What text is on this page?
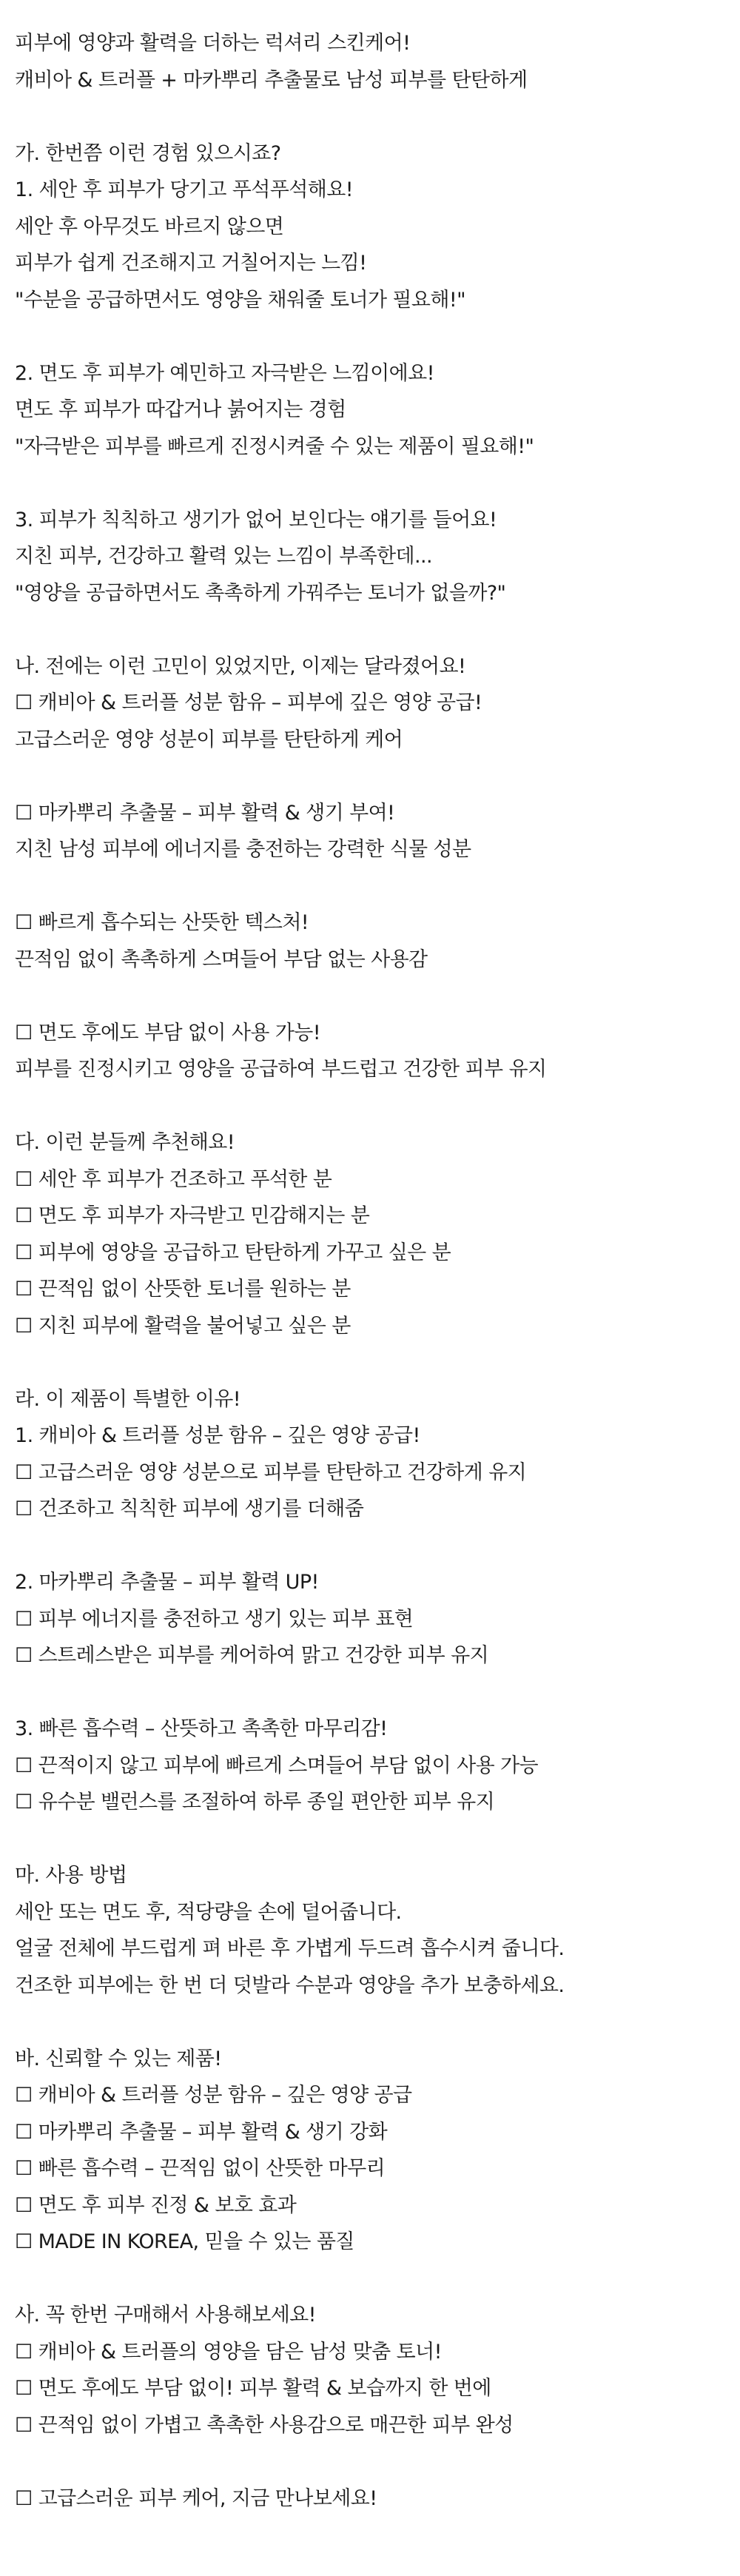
피부에 영양과 활력을 더하는 럭셔리 스킨케어!
캐비아 & 트러플 + 마카뿌리 추출물로 남성 피부를 탄탄하게
가. 한번쯤 이런 경험 있으시죠?
1. 세안 후 피부가 당기고 푸석푸석해요!
세안 후 아무것도 바르지 않으면
피부가 쉽게 건조해지고 거칠어지는 느낌!
"수분을 공급하면서도 영양을 채워줄 토너가 필요해!"
2. 면도 후 피부가 예민하고 자극받은 느낌이에요!
면도 후 피부가 따갑거나 붉어지는 경험
"자극받은 피부를 빠르게 진정시켜줄 수 있는 제품이 필요해!"
3. 피부가 칙칙하고 생기가 없어 보인다는 얘기를 들어요!
지친 피부, 건강하고 활력 있는 느낌이 부족한데...
"영양을 공급하면서도 촉촉하게 가꿔주는 토너가 없을까?"
나. 전에는 이런 고민이 있었지만, 이제는 달라졌어요!
☐ 캐비아 & 트러플 성분 함유 – 피부에 깊은 영양 공급!
고급스러운 영양 성분이 피부를 탄탄하게 케어
☐ 마카뿌리 추출물 – 피부 활력 & 생기 부여!
지친 남성 피부에 에너지를 충전하는 강력한 식물 성분
☐ 빠르게 흡수되는 산뜻한 텍스처!
끈적임 없이 촉촉하게 스며들어 부담 없는 사용감
☐ 면도 후에도 부담 없이 사용 가능!
피부를 진정시키고 영양을 공급하여 부드럽고 건강한 피부 유지
다. 이런 분들께 추천해요!
☐ 세안 후 피부가 건조하고 푸석한 분
☐ 면도 후 피부가 자극받고 민감해지는 분
☐ 피부에 영양을 공급하고 탄탄하게 가꾸고 싶은 분
☐ 끈적임 없이 산뜻한 토너를 원하는 분
☐ 지친 피부에 활력을 불어넣고 싶은 분
라. 이 제품이 특별한 이유!
1. 캐비아 & 트러플 성분 함유 – 깊은 영양 공급!
☐ 고급스러운 영양 성분으로 피부를 탄탄하고 건강하게 유지
☐ 건조하고 칙칙한 피부에 생기를 더해줌
2. 마카뿌리 추출물 – 피부 활력 UP!
☐ 피부 에너지를 충전하고 생기 있는 피부 표현
☐ 스트레스받은 피부를 케어하여 맑고 건강한 피부 유지
3. 빠른 흡수력 – 산뜻하고 촉촉한 마무리감!
☐ 끈적이지 않고 피부에 빠르게 스며들어 부담 없이 사용 가능
☐ 유수분 밸런스를 조절하여 하루 종일 편안한 피부 유지
마. 사용 방법
세안 또는 면도 후, 적당량을 손에 덜어줍니다.
얼굴 전체에 부드럽게 펴 바른 후 가볍게 두드려 흡수시켜 줍니다.
건조한 피부에는 한 번 더 덧발라 수분과 영양을 추가 보충하세요.
바. 신뢰할 수 있는 제품!
☐ 캐비아 & 트러플 성분 함유 – 깊은 영양 공급
☐ 마카뿌리 추출물 – 피부 활력 & 생기 강화
☐ 빠른 흡수력 – 끈적임 없이 산뜻한 마무리
☐ 면도 후 피부 진정 & 보호 효과
☐ MADE IN KOREA, 믿을 수 있는 품질
사. 꼭 한번 구매해서 사용해보세요!
☐ 캐비아 & 트러플의 영양을 담은 남성 맞춤 토너!
☐ 면도 후에도 부담 없이! 피부 활력 & 보습까지 한 번에
☐ 끈적임 없이 가볍고 촉촉한 사용감으로 매끈한 피부 완성
☐ 고급스러운 피부 케어, 지금 만나보세요!
